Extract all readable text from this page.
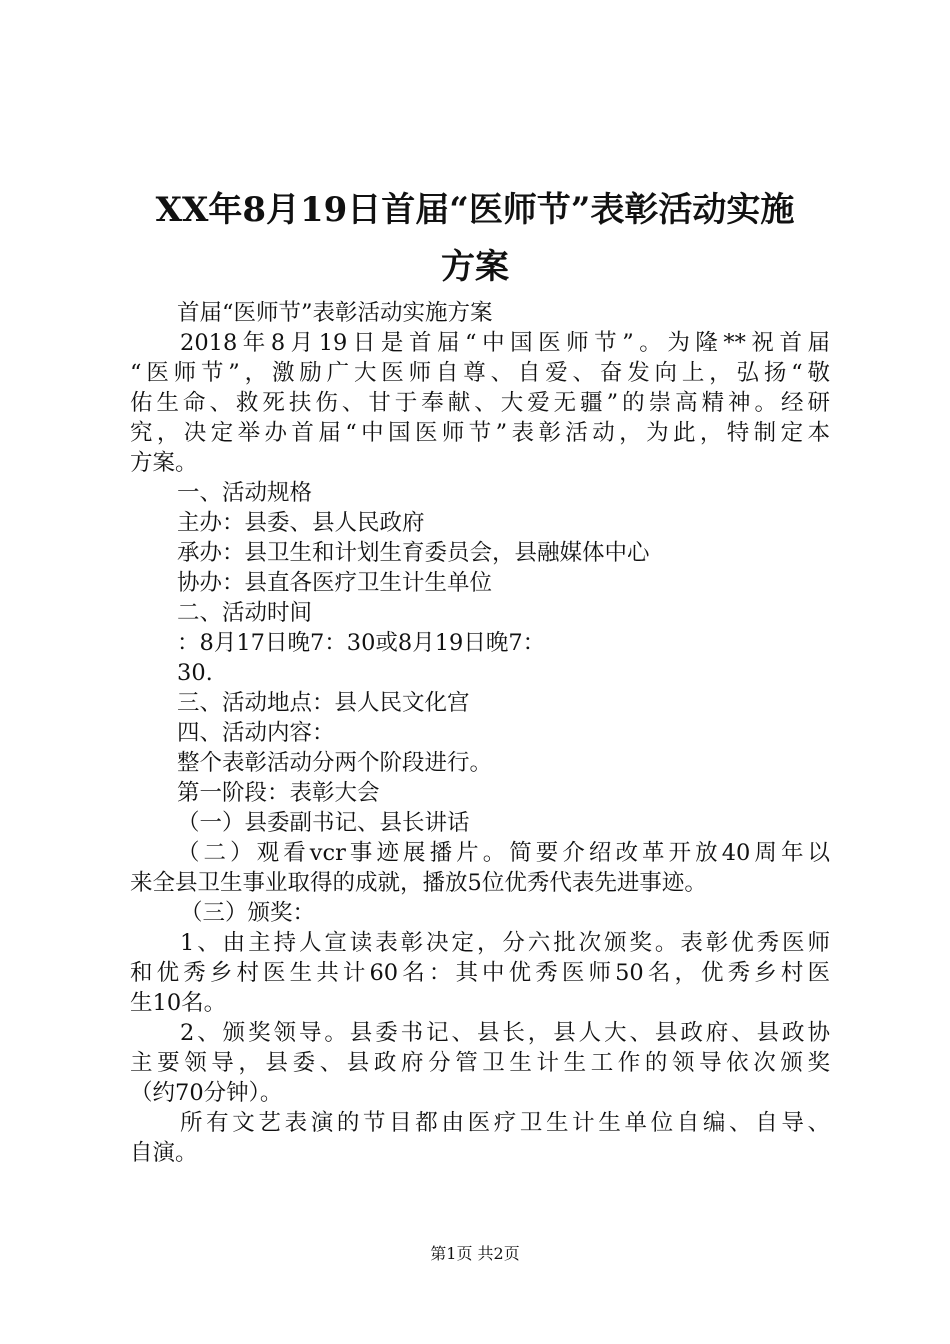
XX年8月19日首届“医师节”表彰活动实施
方案
首届“医师节”表彰活动实施方案
2018年8月19日是首届“中国医师节”。为隆**祝首届
“医师节”，激励广大医师自尊、自爱、奋发向上，弘扬“敬
佑生命、救死扶伤、甘于奉献、大爱无疆”的崇高精神。经研
究，决定举办首届“中国医师节”表彰活动，为此，特制定本
方案。
一、活动规格
主办：县委、县人民政府
承办：县卫生和计划生育委员会，县融媒体中心
协办：县直各医疗卫生计生单位
二、活动时间
：8月17日晚7：30或8月19日晚7：
30.
三、活动地点：县人民文化宫
四、活动内容：
整个表彰活动分两个阶段进行。
第一阶段：表彰大会
（一）县委副书记、县长讲话
（二）观看vcr事迹展播片。简要介绍改革开放40周年以
来全县卫生事业取得的成就，播放5位优秀代表先进事迹。
（三）颁奖：
1、由主持人宣读表彰决定，分六批次颁奖。表彰优秀医师
和优秀乡村医生共计60名：其中优秀医师50名，优秀乡村医
生10名。
2、颁奖领导。县委书记、县长，县人大、县政府、县政协
主要领导，县委、县政府分管卫生计生工作的领导依次颁奖
（约70分钟）。
所有文艺表演的节目都由医疗卫生计生单位自编、自导、
自演。
第1页 共2页
